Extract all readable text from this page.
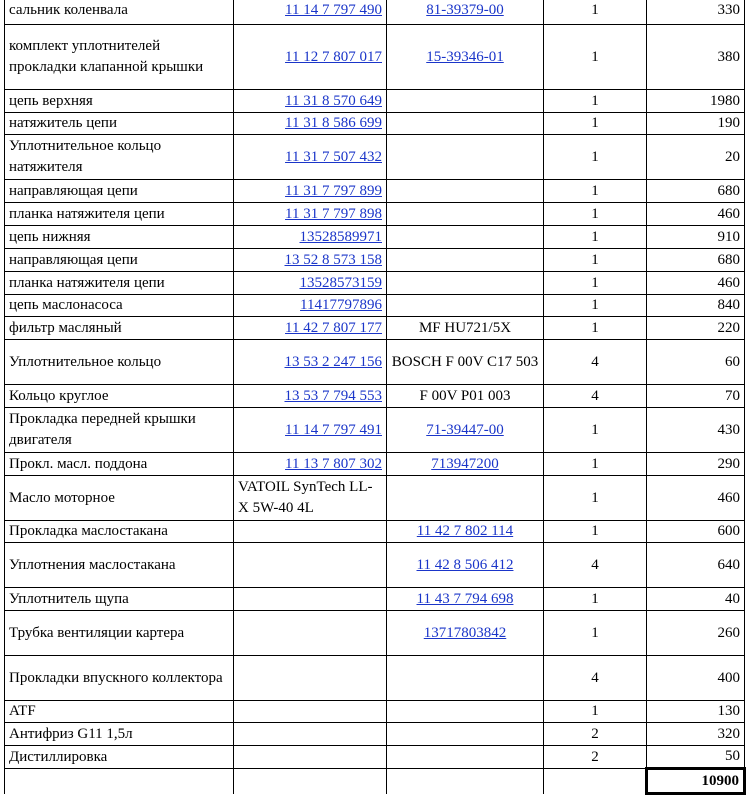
сальник коленвала	11 14 7 797 490	81-39379-00	1	330
комплект уплотнителей прокладки клапанной крышки	11 12 7 807 017	15-39346-01	1	380
цепь верхняя	11 31 8 570 649		1	1980
натяжитель цепи	11 31 8 586 699		1	190
Уплотнительное кольцо натяжителя	11 31 7 507 432		1	20
направляющая цепи	11 31 7 797 899		1	680
планка натяжителя цепи	11 31 7 797 898		1	460
цепь нижняя	13528589971		1	910
направляющая цепи	13 52 8 573 158		1	680
планка натяжителя цепи	13528573159		1	460
цепь маслонасоса	11417797896		1	840
фильтр масляный	11 42 7 807 177	MF HU721/5X	1	220
Уплотнительное кольцо	13 53 2 247 156	BOSCH F 00V C17 503	4	60
Кольцо круглое	13 53 7 794 553	F 00V P01 003	4	70
Прокладка передней крышки двигателя	11 14 7 797 491	71-39447-00	1	430
Прокл. масл. поддона	11 13 7 807 302	713947200	1	290
Масло моторное	VATOIL SynTech LL-X 5W-40 4L		1	460
Прокладка маслостакана		11 42 7 802 114	1	600
Уплотнения маслостакана		11 42 8 506 412	4	640
Уплотнитель щупа		11 43 7 794 698	1	40
Трубка вентиляции картера		13717803842	1	260
Прокладки впускного коллектора			4	400
ATF			1	130
Антифриз G11 1,5л			2	320
Дистиллировка			2	50
				10900
